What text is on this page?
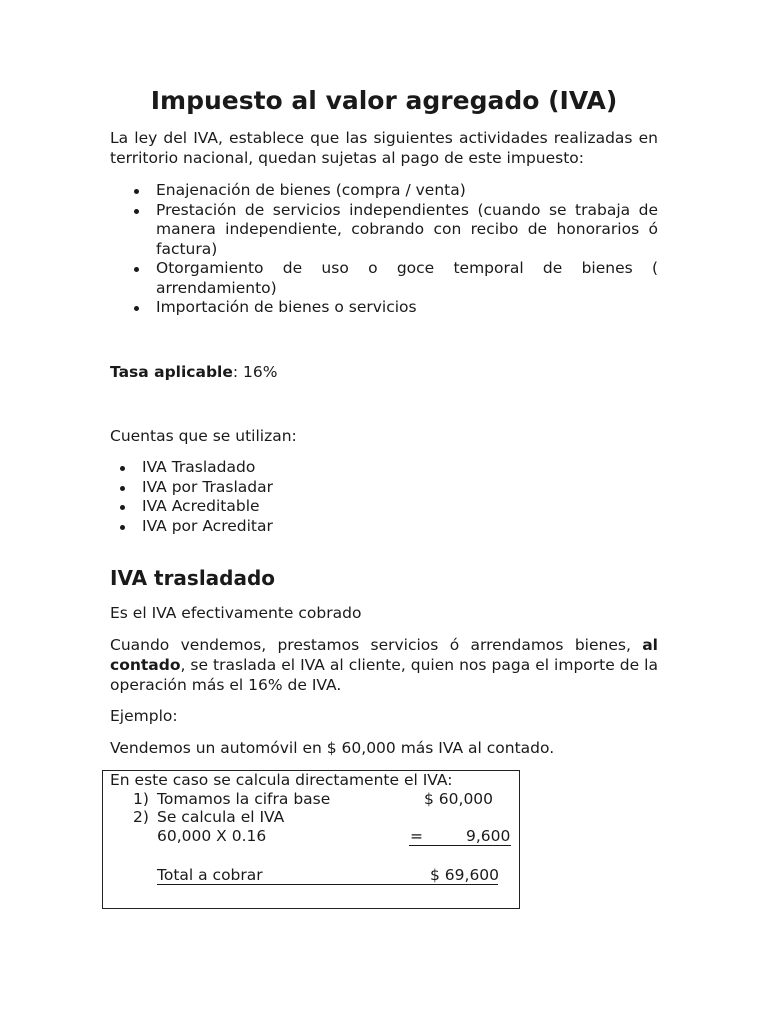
Impuesto al valor agregado (IVA)

La ley del IVA, establece que las siguientes actividades realizadas en territorio nacional, quedan sujetas al pago de este impuesto:

Enajenación de bienes (compra / venta)
Prestación de servicios independientes (cuando se trabaja de manera independiente, cobrando con recibo de honorarios ó factura)
Otorgamiento de uso o goce temporal de bienes ( arrendamiento)
Importación de bienes o servicios

Tasa aplicable: 16%

Cuentas que se utilizan:

IVA Trasladado
IVA por Trasladar
IVA Acreditable
IVA por Acreditar
IVA trasladado

Es el IVA efectivamente cobrado

Cuando vendemos, prestamos servicios ó arrendamos bienes, al contado, se traslada el IVA al cliente, quien nos paga el importe de la operación más el 16% de IVA.

Ejemplo:

Vendemos un automóvil en $ 60,000 más IVA al contado.

En este caso se calcula directamente el IVA:
1) Tomamos la cifra base	$ 60,000
2) Se calcula el IVA
60,000 X 0.16	=	9,600
Total a cobrar	$ 69,600
